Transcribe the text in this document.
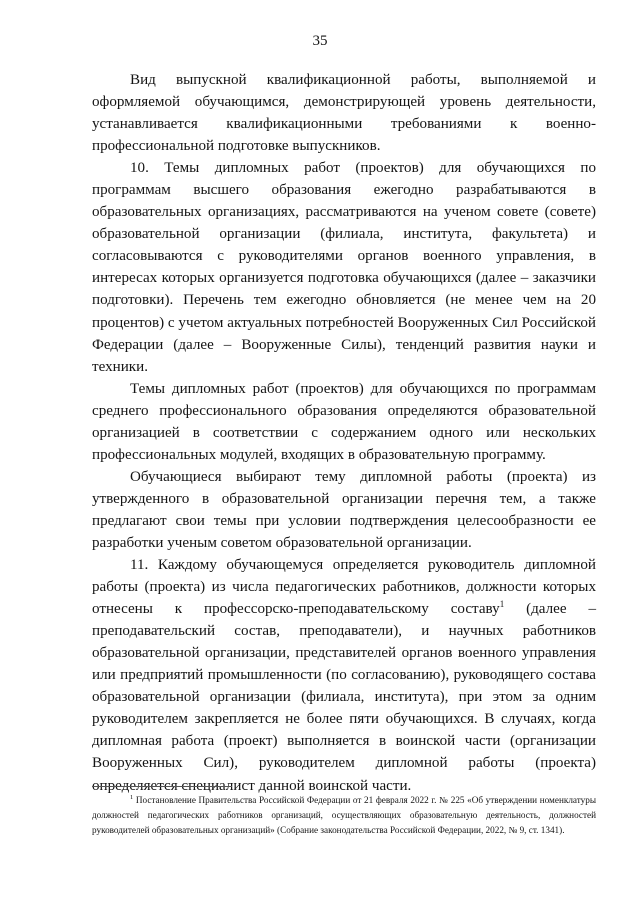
35

Вид выпускной квалификационной работы, выполняемой и оформляемой обучающимся, демонстрирующей уровень деятельности, устанавливается квалификационными требованиями к военно-профессиональной подготовке выпускников.

10. Темы дипломных работ (проектов) для обучающихся по программам высшего образования ежегодно разрабатываются в образовательных организациях, рассматриваются на ученом совете (совете) образовательной организации (филиала, института, факультета) и согласовываются с руководителями органов военного управления, в интересах которых организуется подготовка обучающихся (далее – заказчики подготовки). Перечень тем ежегодно обновляется (не менее чем на 20 процентов) с учетом актуальных потребностей Вооруженных Сил Российской Федерации (далее – Вооруженные Силы), тенденций развития науки и техники.

Темы дипломных работ (проектов) для обучающихся по программам среднего профессионального образования определяются образовательной организацией в соответствии с содержанием одного или нескольких профессиональных модулей, входящих в образовательную программу.

Обучающиеся выбирают тему дипломной работы (проекта) из утвержденного в образовательной организации перечня тем, а также предлагают свои темы при условии подтверждения целесообразности ее разработки ученым советом образовательной организации.

11. Каждому обучающемуся определяется руководитель дипломной работы (проекта) из числа педагогических работников, должности которых отнесены к профессорско-преподавательскому составу$^1$ (далее – преподавательский состав, преподаватели), и научных работников образовательной организации, представителей органов военного управления или предприятий промышленности (по согласованию), руководящего состава образовательной организации (филиала, института), при этом за одним руководителем закрепляется не более пяти обучающихся. В случаях, когда дипломная работа (проект) выполняется в воинской части (организации Вооруженных Сил), руководителем дипломной работы (проекта) определяется специалист данной воинской части.

$^1$ Постановление Правительства Российской Федерации от 21 февраля 2022 г. № 225 «Об утверждении номенклатуры должностей педагогических работников организаций, осуществляющих образовательную деятельность, должностей руководителей образовательных организаций» (Собрание законодательства Российской Федерации, 2022, № 9, ст. 1341).
